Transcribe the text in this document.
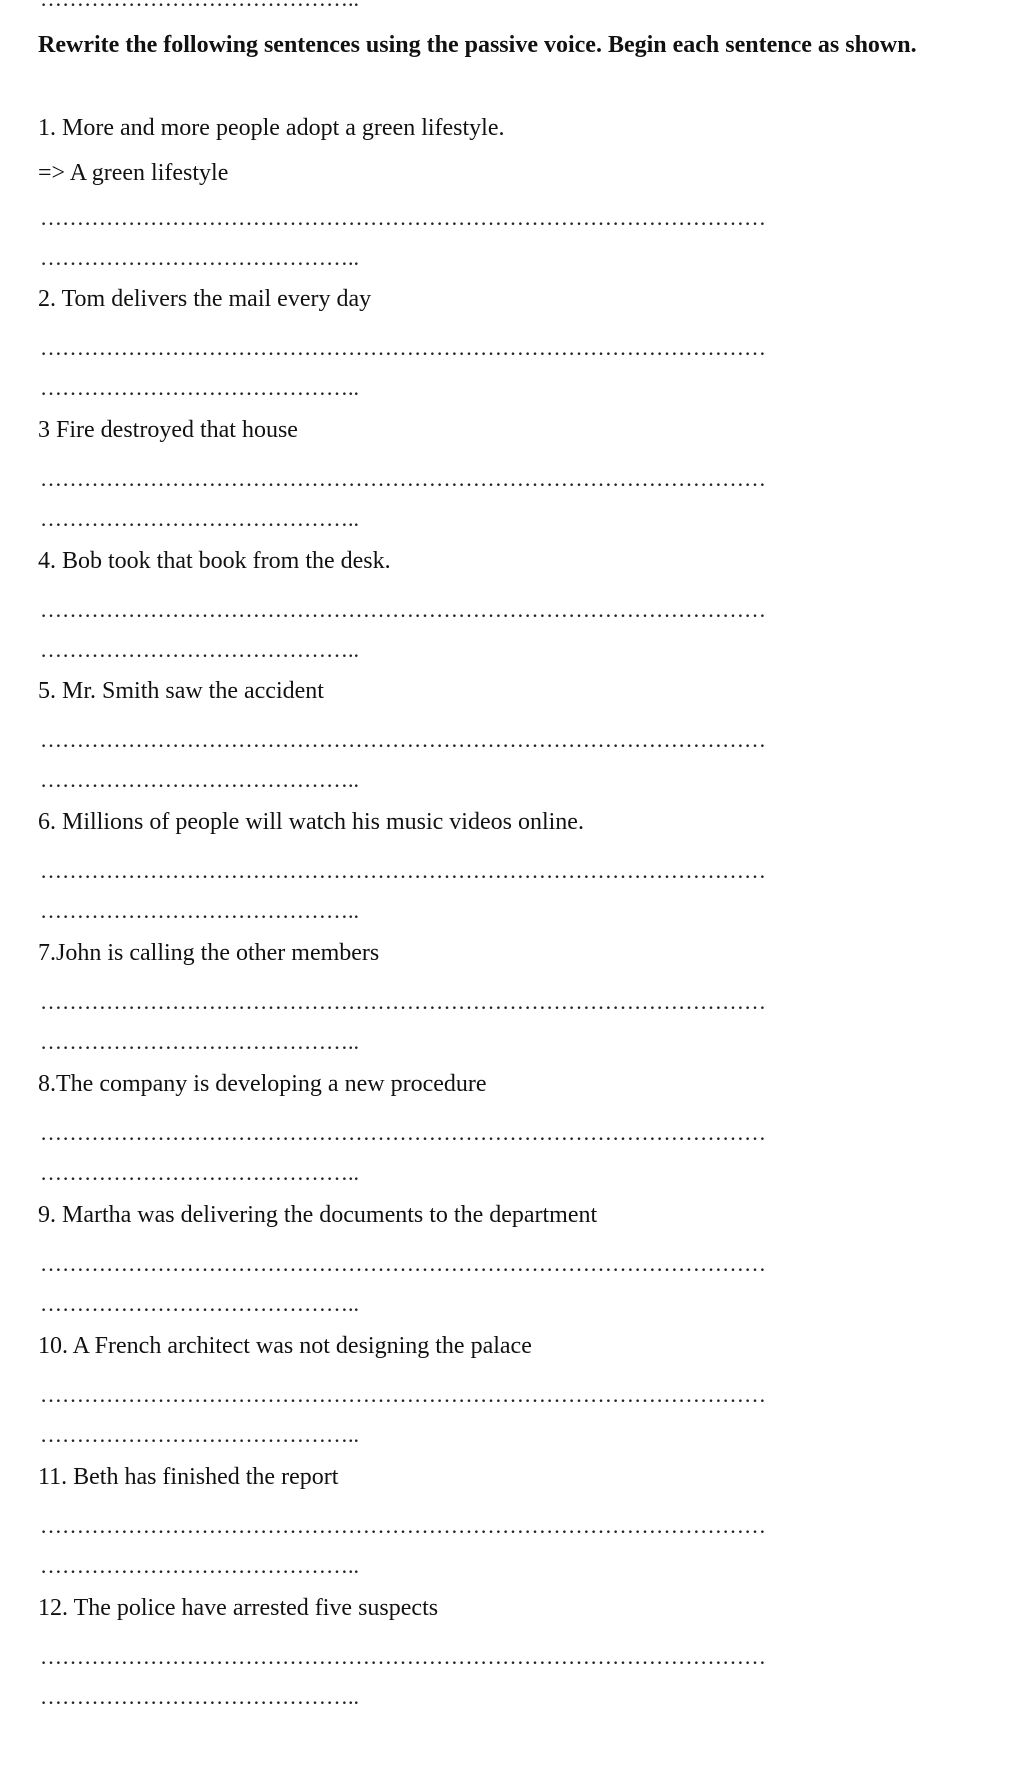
Rewrite the following sentences using the passive voice. Begin each sentence as shown.
1. More and more people adopt a green lifestyle.
=> A green lifestyle
………………………………………………………………………………………
……………………………………..
2. Tom delivers the mail every day
………………………………………………………………………………………
……………………………………..
3 Fire destroyed that house
………………………………………………………………………………………
……………………………………..
4. Bob took that book from the desk.
………………………………………………………………………………………
……………………………………..
5. Mr. Smith saw the accident
………………………………………………………………………………………
……………………………………..
6. Millions of people will watch his music videos online.
………………………………………………………………………………………
……………………………………..
7.John is calling the other members
………………………………………………………………………………………
……………………………………..
8.The company is developing a new procedure
………………………………………………………………………………………
……………………………………..
9. Martha was delivering the documents to the department
………………………………………………………………………………………
……………………………………..
10. A French architect was not designing the palace
………………………………………………………………………………………
……………………………………..
11. Beth has finished the report
………………………………………………………………………………………
……………………………………..
12. The police have arrested five suspects
………………………………………………………………………………………
……………………………………..
